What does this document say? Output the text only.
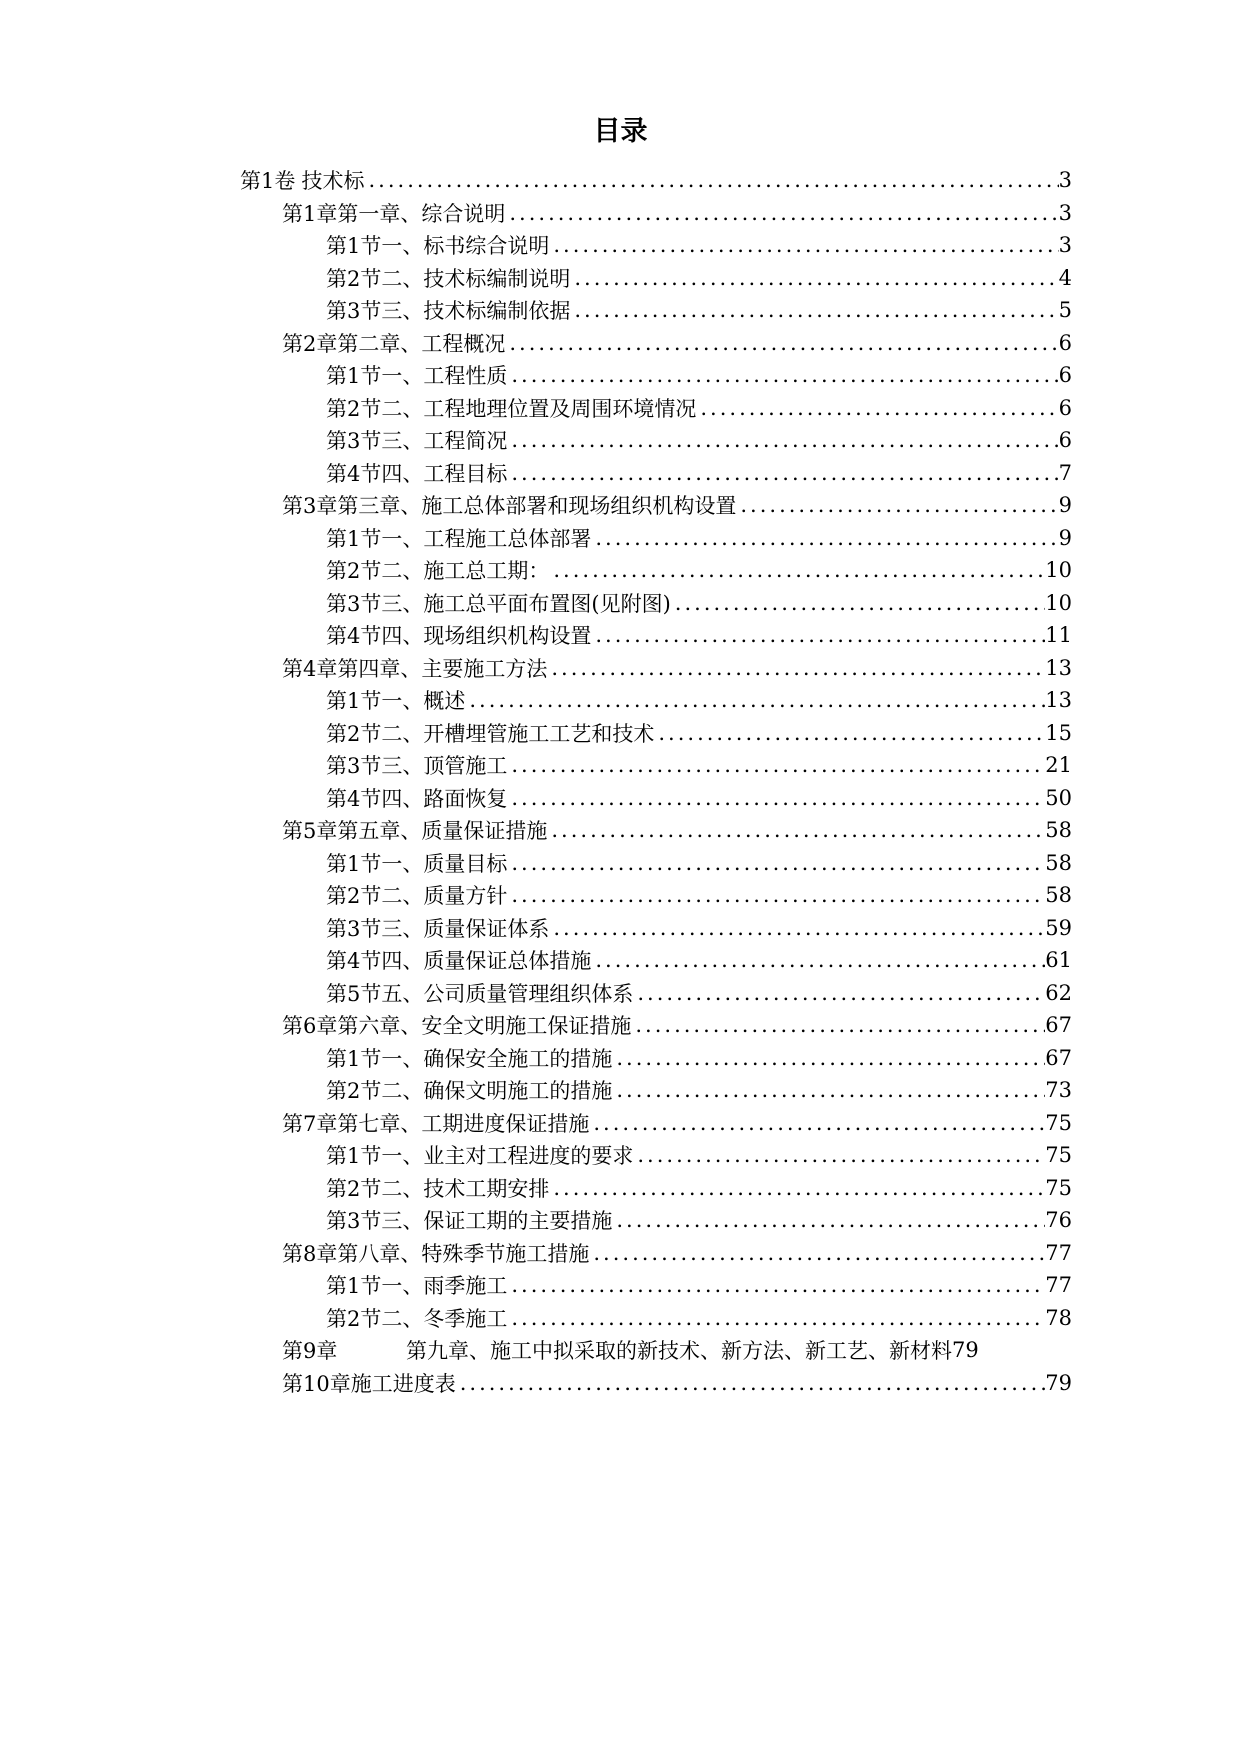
目录
第1卷 技术标 .....	3
第1章 第一章、综合说明 .....	3
第1节 一、标书综合说明 .....	3
第2节 二、技术标编制说明 .....	4
第3节 三、技术标编制依据 .....	5
第2章 第二章、工程概况 .....	6
第1节 一、工程性质 .....	6
第2节 二、工程地理位置及周围环境情况 .....	6
第3节 三、工程简况 .....	6
第4节 四、工程目标 .....	7
第3章 第三章、施工总体部署和现场组织机构设置 .....	9
第1节 一、工程施工总体部署 .....	9
第2节 二、施工总工期： .....	10
第3节 三、施工总平面布置图(见附图) .....	10
第4节 四、现场组织机构设置 .....	11
第4章 第四章、主要施工方法 .....	13
第1节 一、概述 .....	13
第2节 二、开槽埋管施工工艺和技术 .....	15
第3节 三、顶管施工 .....	21
第4节 四、路面恢复 .....	50
第5章 第五章、质量保证措施 .....	58
第1节 一、质量目标 .....	58
第2节 二、质量方针 .....	58
第3节 三、质量保证体系 .....	59
第4节 四、质量保证总体措施 .....	61
第5节 五、公司质量管理组织体系 .....	62
第6章 第六章、安全文明施工保证措施 .....	67
第1节 一、确保安全施工的措施 .....	67
第2节 二、确保文明施工的措施 .....	73
第7章 第七章、工期进度保证措施 .....	75
第1节 一、业主对工程进度的要求 .....	75
第2节 二、技术工期安排 .....	75
第3节 三、保证工期的主要措施 .....	76
第8章 第八章、特殊季节施工措施 .....	77
第1节 一、雨季施工 .....	77
第2节 二、冬季施工 .....	78
第9章	第九章、施工中拟采取的新技术、新方法、新工艺、新材料 79
第10章 施工进度表 .....	79
